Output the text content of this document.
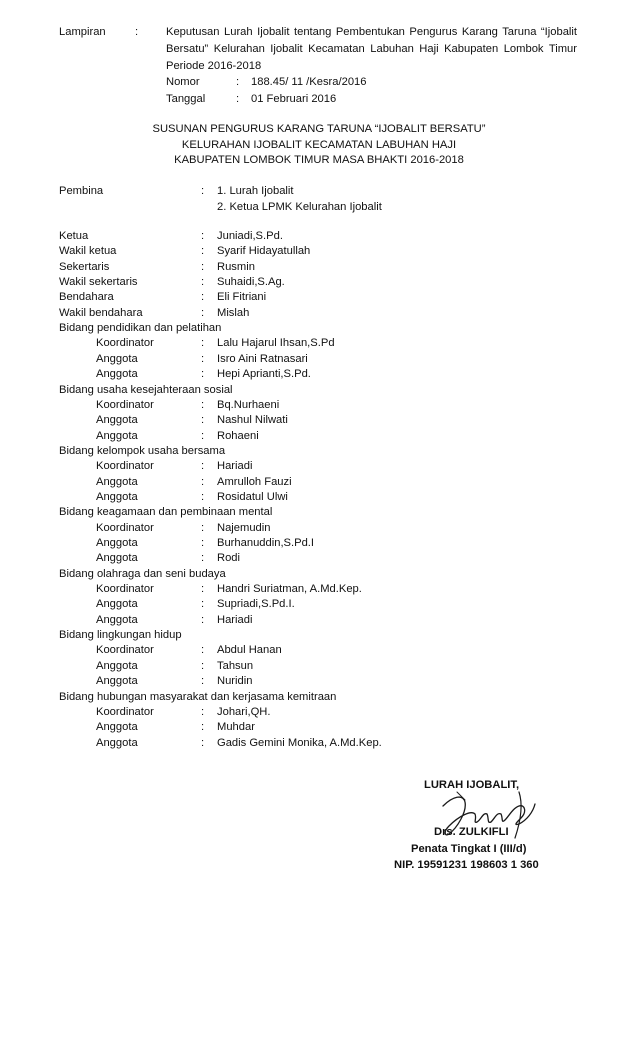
Lampiran	: Keputusan Lurah Ijobalit tentang Pembentukan Pengurus Karang Taruna “Ijobalit
Bersatu” Kelurahan Ijobalit Kecamatan Labuhan Haji Kabupaten Lombok Timur
Periode 2016-2018
Nomor	: 188.45/ 11 /Kesra/2016
Tanggal	: 01 Februari 2016
SUSUNAN PENGURUS KARANG TARUNA “IJOBALIT BERSATU”
KELURAHAN IJOBALIT KECAMATAN LABUHAN HAJI
KABUPATEN LOMBOK TIMUR MASA BHAKTI 2016-2018
Pembina	: 1. Lurah Ijobalit
2. Ketua LPMK Kelurahan Ijobalit
Ketua	: Juniadi,S.Pd.
Wakil ketua	: Syarif Hidayatullah
Sekertaris	: Rusmin
Wakil sekertaris	: Suhaidi,S.Ag.
Bendahara	: Eli Fitriani
Wakil bendahara	: Mislah
Bidang pendidikan dan pelatihan
Koordinator	: Lalu Hajarul Ihsan,S.Pd
Anggota	: Isro Aini Ratnasari
Anggota	: Hepi Aprianti,S.Pd.
Bidang usaha kesejahteraan sosial
Koordinator	: Bq.Nurhaeni
Anggota	: Nashul Nilwati
Anggota	: Rohaeni
Bidang kelompok usaha bersama
Koordinator	: Hariadi
Anggota	: Amrulloh Fauzi
Anggota	: Rosidatul Ulwi
Bidang keagamaan dan pembinaan mental
Koordinator	: Najemudin
Anggota	: Burhanuddin,S.Pd.I
Anggota	: Rodi
Bidang olahraga dan seni budaya
Koordinator	: Handri Suriatman, A.Md.Kep.
Anggota	: Supriadi,S.Pd.I.
Anggota	: Hariadi
Bidang lingkungan hidup
Koordinator	: Abdul Hanan
Anggota	: Tahsun
Anggota	: Nuridin
Bidang hubungan masyarakat dan kerjasama kemitraan
Koordinator	: Johari,QH.
Anggota	: Muhdar
Anggota	: Gadis Gemini Monika, A.Md.Kep.
LURAH IJOBALIT,
Drs. ZULKIFLI
Penata Tingkat I (III/d)
NIP. 19591231 198603 1 360
